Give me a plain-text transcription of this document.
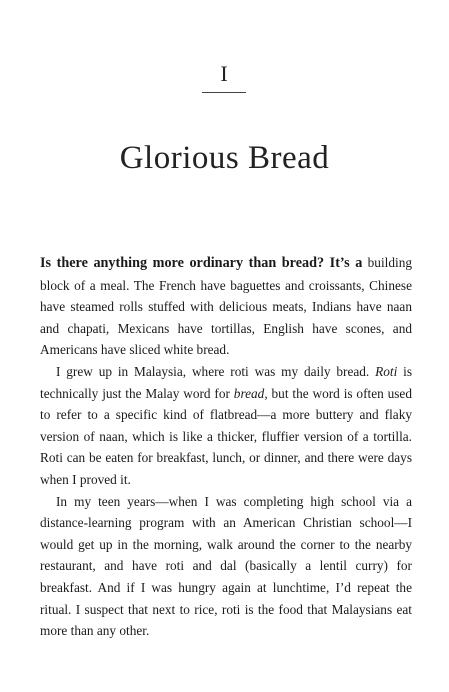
I
Glorious Bread

Is there anything more ordinary than bread? It’s a building block of a meal. The French have baguettes and croissants, Chinese have steamed rolls stuffed with delicious meats, Indians have naan and chapati, Mexicans have tortillas, English have scones, and Americans have sliced white bread.

I grew up in Malaysia, where roti was my daily bread. Roti is technically just the Malay word for bread, but the word is often used to refer to a specific kind of flatbread—a more buttery and flaky version of naan, which is like a thicker, fluffier version of a tortilla. Roti can be eaten for breakfast, lunch, or dinner, and there were days when I proved it.

In my teen years—when I was completing high school via a distance-learning program with an American Christian school—I would get up in the morning, walk around the corner to the nearby restaurant, and have roti and dal (basically a lentil curry) for breakfast. And if I was hungry again at lunchtime, I’d repeat the ritual. I suspect that next to rice, roti is the food that Malaysians eat more than any other.
